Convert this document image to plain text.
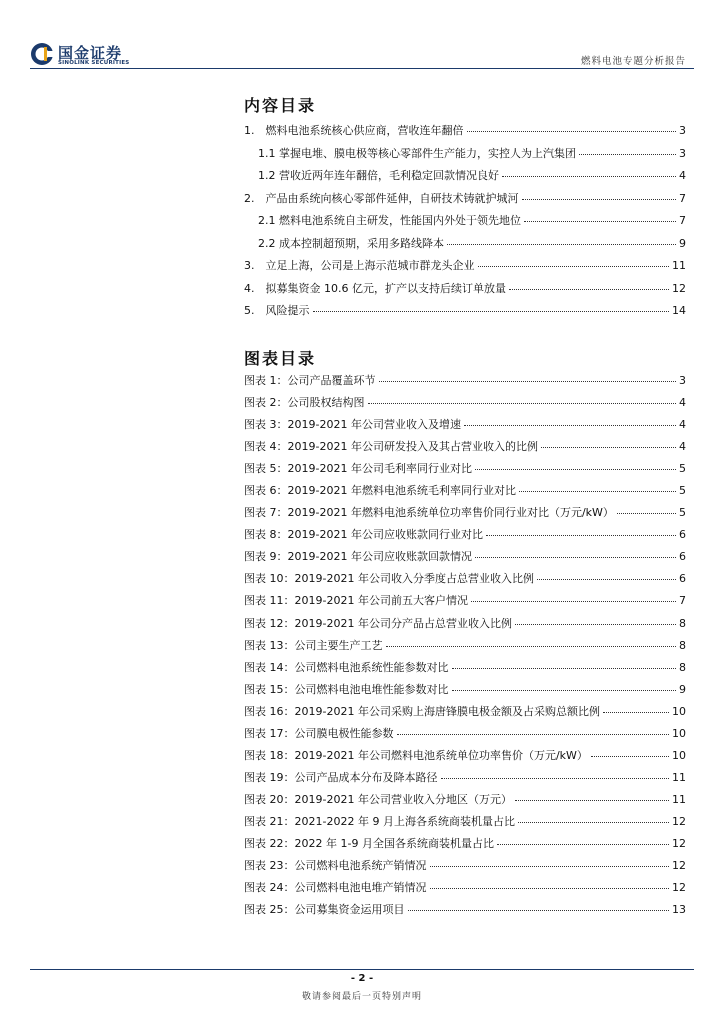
国金证券
SINOLINK SECURITIES	燃料电池专题分析报告
内容目录
1.　燃料电池系统核心供应商，营收连年翻倍	3
1.1 掌握电堆、膜电极等核心零部件生产能力，实控人为上汽集团	3
1.2 营收近两年连年翻倍，毛利稳定回款情况良好	4
2.　产品由系统向核心零部件延伸，自研技术铸就护城河	7
2.1 燃料电池系统自主研发，性能国内外处于领先地位	7
2.2 成本控制超预期，采用多路线降本	9
3.　立足上海，公司是上海示范城市群龙头企业	11
4.　拟募集资金 10.6 亿元，扩产以支持后续订单放量	12
5.　风险提示	14
图表目录
图表 1：公司产品覆盖环节	3
图表 2：公司股权结构图	4
图表 3：2019-2021 年公司营业收入及增速	4
图表 4：2019-2021 年公司研发投入及其占营业收入的比例	4
图表 5：2019-2021 年公司毛利率同行业对比	5
图表 6：2019-2021 年燃料电池系统毛利率同行业对比	5
图表 7：2019-2021 年燃料电池系统单位功率售价同行业对比（万元/kW）	5
图表 8：2019-2021 年公司应收账款同行业对比	6
图表 9：2019-2021 年公司应收账款回款情况	6
图表 10：2019-2021 年公司收入分季度占总营业收入比例	6
图表 11：2019-2021 年公司前五大客户情况	7
图表 12：2019-2021 年公司分产品占总营业收入比例	8
图表 13：公司主要生产工艺	8
图表 14：公司燃料电池系统性能参数对比	8
图表 15：公司燃料电池电堆性能参数对比	9
图表 16：2019-2021 年公司采购上海唐锋膜电极金额及占采购总额比例	10
图表 17：公司膜电极性能参数	10
图表 18：2019-2021 年公司燃料电池系统单位功率售价（万元/kW）	10
图表 19：公司产品成本分布及降本路径	11
图表 20：2019-2021 年公司营业收入分地区（万元）	11
图表 21：2021-2022 年 9 月上海各系统商装机量占比	12
图表 22：2022 年 1-9 月全国各系统商装机量占比	12
图表 23：公司燃料电池系统产销情况	12
图表 24：公司燃料电池电堆产销情况	12
图表 25：公司募集资金运用项目	13
- 2 -
敬请参阅最后一页特别声明
